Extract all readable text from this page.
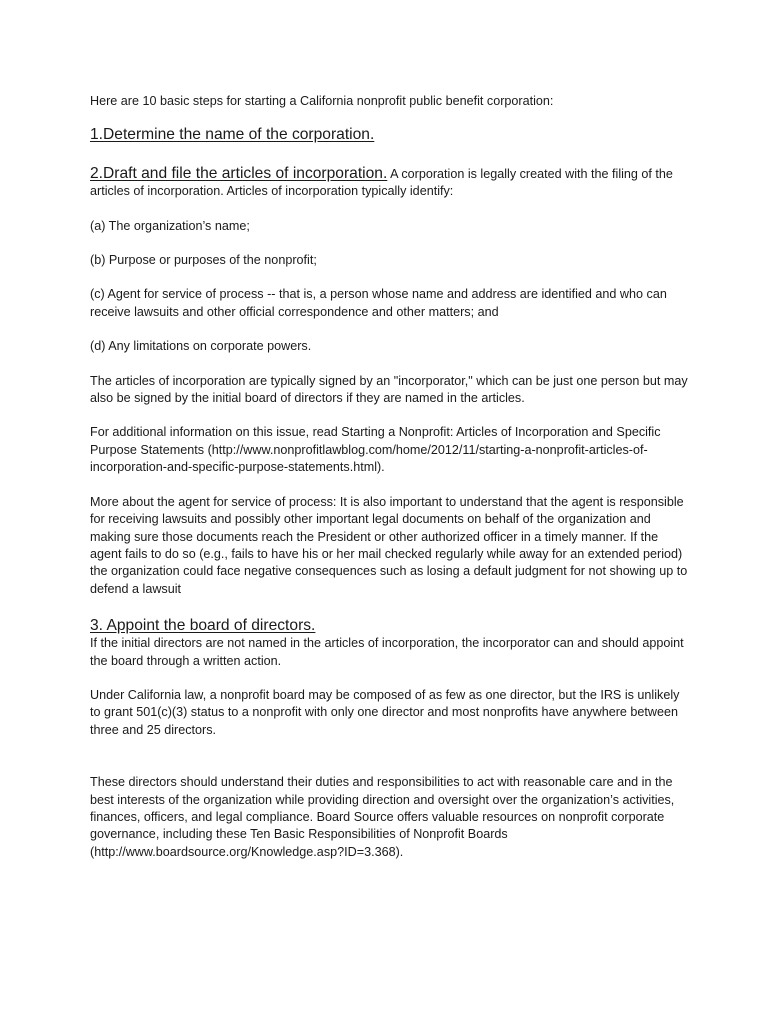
Here are 10 basic steps for starting a California nonprofit public benefit corporation:

1.Determine the name of the corporation.

2.Draft and file the articles of incorporation. A corporation is legally created with the filing of the articles of incorporation. Articles of incorporation typically identify:

(a) The organization’s name;

(b) Purpose or purposes of the nonprofit;

(c) Agent for service of process -- that is, a person whose name and address are identified and who can receive lawsuits and other official correspondence and other matters; and

(d) Any limitations on corporate powers.

The articles of incorporation are typically signed by an "incorporator," which can be just one person but may also be signed by the initial board of directors if they are named in the articles.

For additional information on this issue, read Starting a Nonprofit: Articles of Incorporation and Specific Purpose Statements (http://www.nonprofitlawblog.com/home/2012/11/starting-a-nonprofit-articles-of-incorporation-and-specific-purpose-statements.html).

More about the agent for service of process: It is also important to understand that the agent is responsible for receiving lawsuits and possibly other important legal documents on behalf of the organization and making sure those documents reach the President or other authorized officer in a timely manner. If the agent fails to do so (e.g., fails to have his or her mail checked regularly while away for an extended period) the organization could face negative consequences such as losing a default judgment for not showing up to defend a lawsuit

3. Appoint the board of directors.
If the initial directors are not named in the articles of incorporation, the incorporator can and should appoint the board through a written action.

Under California law, a nonprofit board may be composed of as few as one director, but the IRS is unlikely to grant 501(c)(3) status to a nonprofit with only one director and most nonprofits have anywhere between three and 25 directors.

These directors should understand their duties and responsibilities to act with reasonable care and in the best interests of the organization while providing direction and oversight over the organization’s activities, finances, officers, and legal compliance. Board Source offers valuable resources on nonprofit corporate governance, including these Ten Basic Responsibilities of Nonprofit Boards (http://www.boardsource.org/Knowledge.asp?ID=3.368).
